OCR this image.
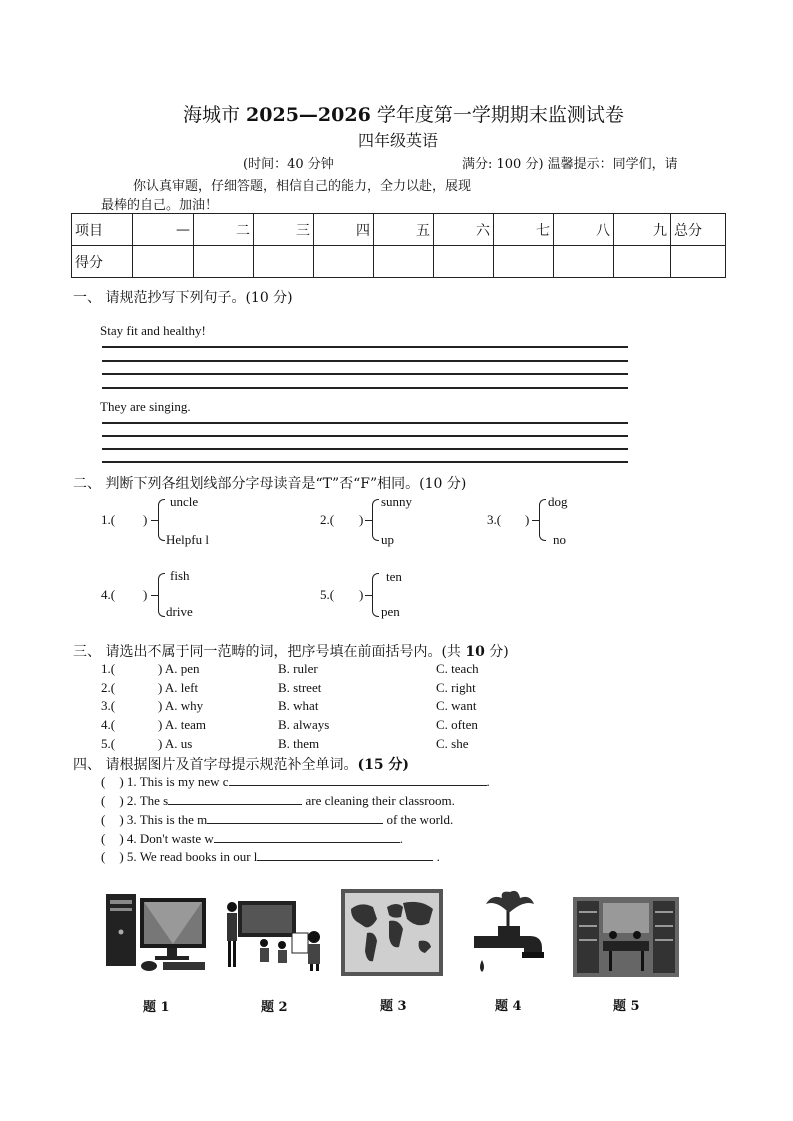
海城市 2025—2026 学年度第一学期期末监测试卷
四年级英语
(时间：40 分钟	满分: 100 分) 温馨提示：同学们，请
你认真审题，仔细答题，相信自己的能力，全力以赴，展现
最棒的自己。加油！
项目	—	二	三	四	五	六	七	八	九	总分
得分										
一、 请规范抄写下列句子。(10 分)
Stay fit and healthy!
They are singing.
二、 判断下列各组划线部分字母读音是“T”否“F”相同。(10 分)
1.( )
uncle
Helpfu l
2.( )
sunny
up
3.( )
dog
no
4.( )
fish
drive
5.( )
ten
pen
三、 请选出不属于同一范畴的词，把序号填在前面括号内。(共 10 分)
1.(	) A. pen	B. ruler	C. teach
2.(	) A. left	B. street	C. right
3.(	) A. why	B. what	C. want
4.(	) A. team	B. always	C. often
5.(	) A. us	B. them	C. she
四、 请根据图片及首字母提示规范补全单词。(15 分)
( ) 1. This is my new c	.
( ) 2. The s	are cleaning their classroom.
( ) 3. This is the m	of the world.
( ) 4. Don't waste w	.
( ) 5. We read books in our l	.
题 1	题 2	题 3	题 4	题 5
